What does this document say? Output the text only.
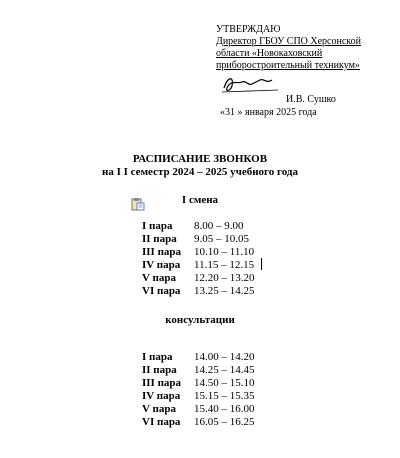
УТВЕРЖДАЮ
Директор ГБОУ СПО Херсонской
области «Новокаховский
приборостроительный техникум»
И.В. Сушко
«31 » января 2025 года
РАСПИСАНИЕ ЗВОНКОВ
на I I семестр 2024 – 2025 учебного года
I смена
I пара	8.00 – 9.00
II пара	9.05 – 10.05
III пара	10.10 – 11.10
IV пара	11.15 – 12.15
V пара	12.20 – 13.20
VI пара	13.25 – 14.25
консультации
I пара	14.00 – 14.20
II пара	14.25 – 14.45
III пара	14.50 – 15.10
IV пара	15.15 – 15.35
V пара	15.40 – 16.00
VI пара	16.05 – 16.25
